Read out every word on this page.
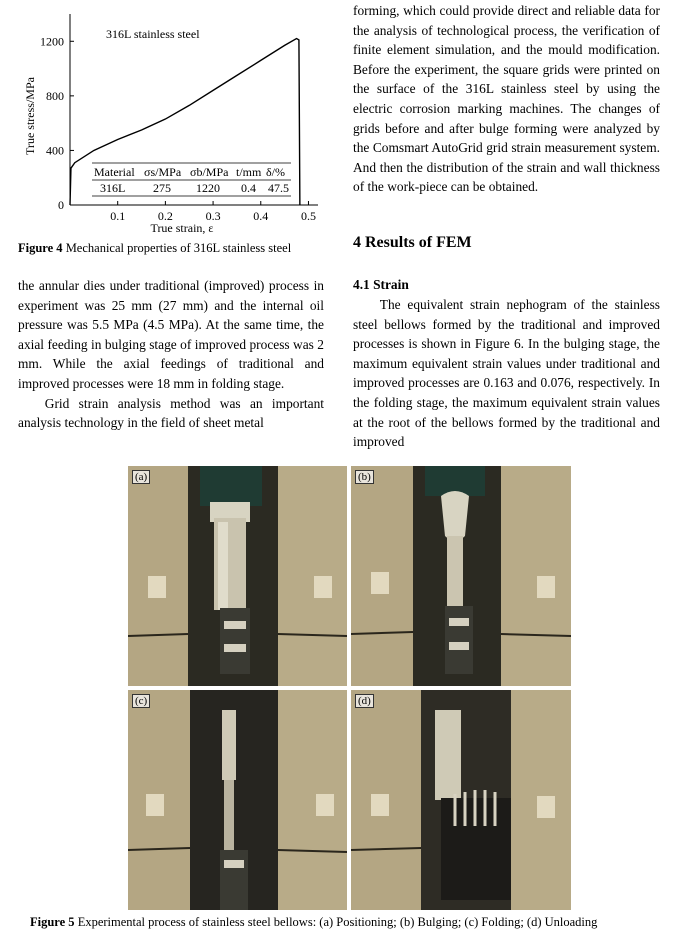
0
0.1	0.2	0.3	0.4	0.5
400
800
1200
316L stainless steel
True stress/MPa
True strain, ε
Material σs/MPa σb/MPa t/mm δ/%
316L 275 1220 0.4 47.5
Figure 4 Mechanical properties of 316L stainless steel

the annular dies under traditional (improved) process in experiment was 25 mm (27 mm) and the internal oil pressure was 5.5 MPa (4.5 MPa). At the same time, the axial feeding in bulging stage of improved process was 2 mm. While the axial feedings of traditional and improved processes were 18 mm in folding stage.

Grid strain analysis method was an important analysis technology in the field of sheet metal

forming, which could provide direct and reliable data for the analysis of technological process, the verification of finite element simulation, and the mould modification. Before the experiment, the square grids were printed on the surface of the 316L stainless steel by using the electric corrosion marking machines. The changes of grids before and after bulge forming were analyzed by the Comsmart AutoGrid grid strain measurement system. And then the distribution of the strain and wall thickness of the work-piece can be obtained.

4 Results of FEM
4.1 Strain

The equivalent strain nephogram of the stainless steel bellows formed by the traditional and improved processes is shown in Figure 6. In the bulging stage, the maximum equivalent strain values under traditional and improved processes are 0.163 and 0.076, respectively. In the folding stage, the maximum equivalent strain values at the root of the bellows formed by the traditional and improved

(a)	(b)
(c)	(d)
Figure 5 Experimental process of stainless steel bellows: (a) Positioning; (b) Bulging; (c) Folding; (d) Unloading
